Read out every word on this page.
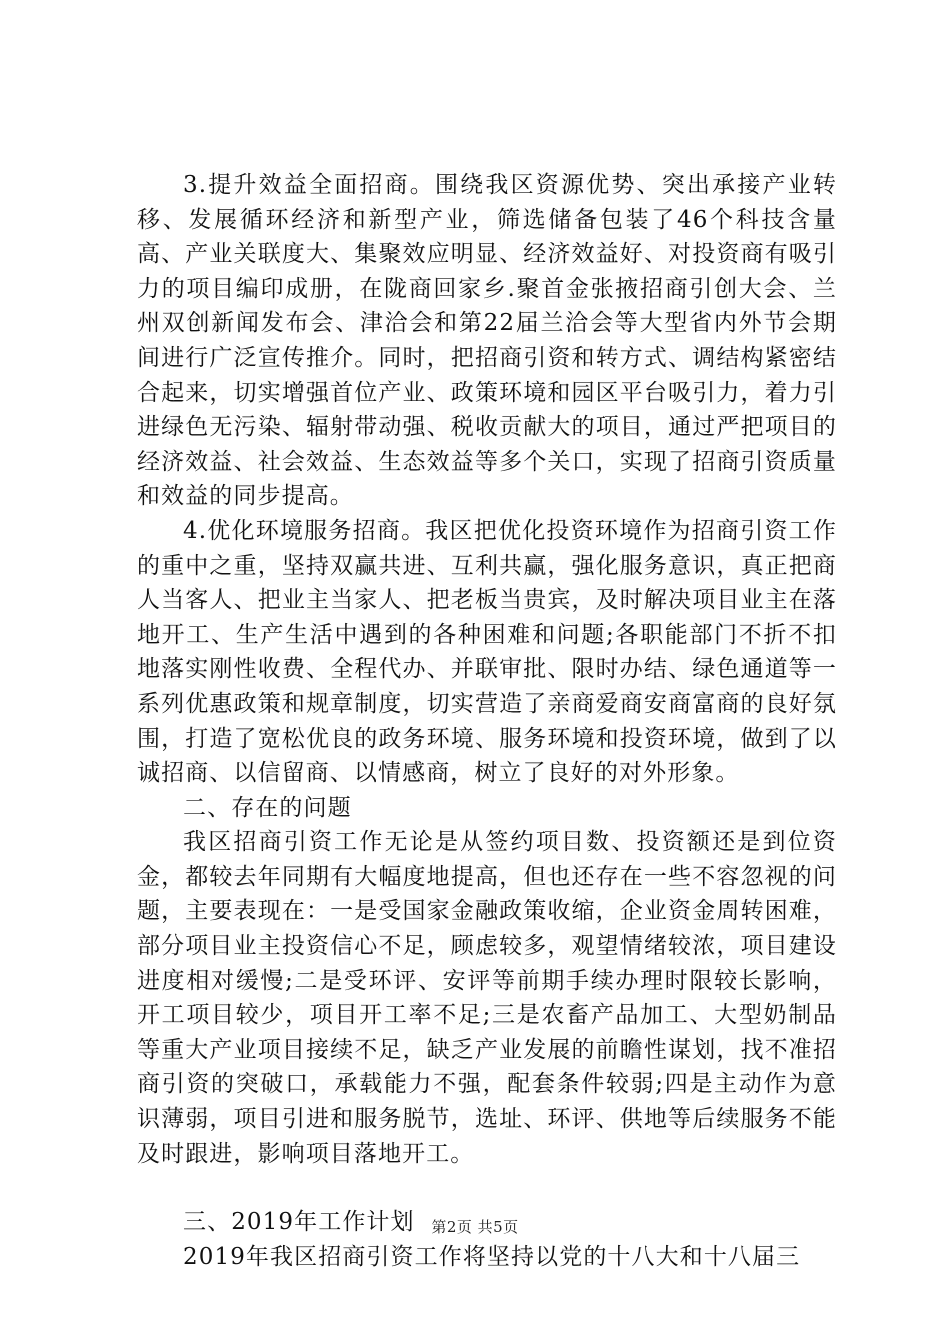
3.提升效益全面招商。围绕我区资源优势、突出承接产业转移、发展循环经济和新型产业，筛选储备包装了46个科技含量高、产业关联度大、集聚效应明显、经济效益好、对投资商有吸引力的项目编印成册，在陇商回家乡.聚首金张掖招商引创大会、兰州双创新闻发布会、津洽会和第22届兰洽会等大型省内外节会期间进行广泛宣传推介。同时，把招商引资和转方式、调结构紧密结合起来，切实增强首位产业、政策环境和园区平台吸引力，着力引进绿色无污染、辐射带动强、税收贡献大的项目，通过严把项目的经济效益、社会效益、生态效益等多个关口，实现了招商引资质量和效益的同步提高。

4.优化环境服务招商。我区把优化投资环境作为招商引资工作的重中之重，坚持双赢共进、互利共赢，强化服务意识，真正把商人当客人、把业主当家人、把老板当贵宾，及时解决项目业主在落地开工、生产生活中遇到的各种困难和问题;各职能部门不折不扣地落实刚性收费、全程代办、并联审批、限时办结、绿色通道等一系列优惠政策和规章制度，切实营造了亲商爱商安商富商的良好氛围，打造了宽松优良的政务环境、服务环境和投资环境，做到了以诚招商、以信留商、以情感商，树立了良好的对外形象。

二、存在的问题

我区招商引资工作无论是从签约项目数、投资额还是到位资金，都较去年同期有大幅度地提高，但也还存在一些不容忽视的问题，主要表现在：一是受国家金融政策收缩，企业资金周转困难，部分项目业主投资信心不足，顾虑较多，观望情绪较浓，项目建设进度相对缓慢;二是受环评、安评等前期手续办理时限较长影响，开工项目较少，项目开工率不足;三是农畜产品加工、大型奶制品等重大产业项目接续不足，缺乏产业发展的前瞻性谋划，找不准招商引资的突破口，承载能力不强，配套条件较弱;四是主动作为意识薄弱，项目引进和服务脱节，选址、环评、供地等后续服务不能及时跟进，影响项目落地开工。

三、2019年工作计划

2019年我区招商引资工作将坚持以党的十八大和十八届三

第2页 共5页
